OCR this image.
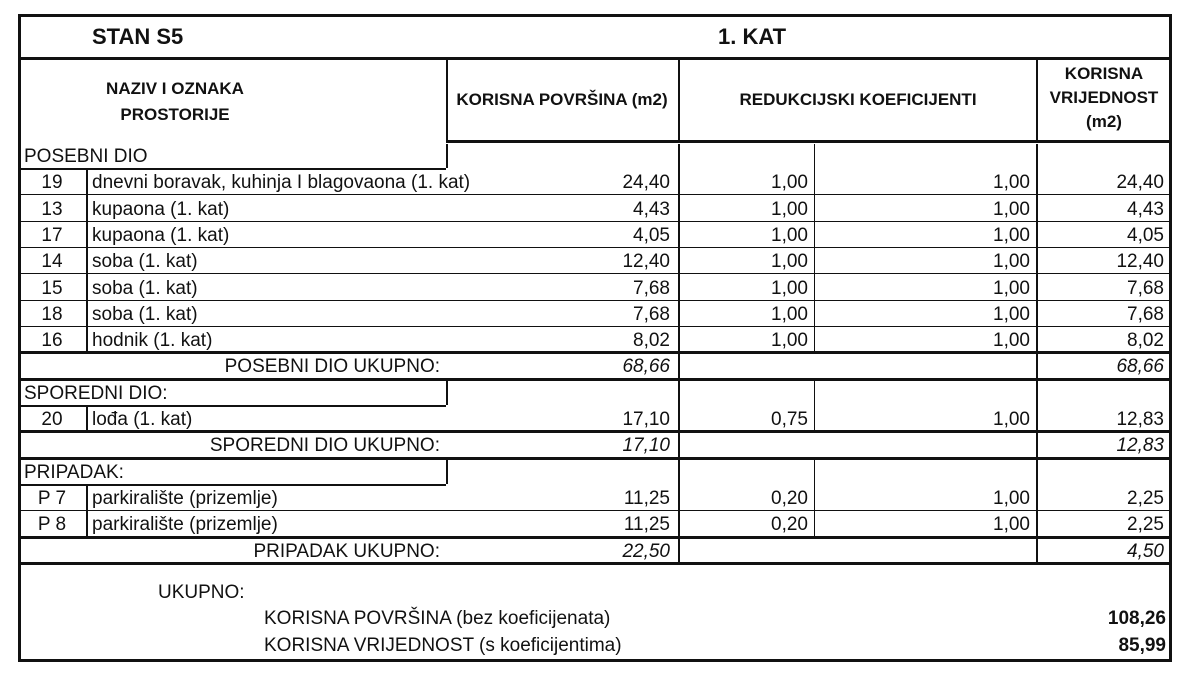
STAN S5	1. KAT
NAZIV I OZNAKA
PROSTORIJE
KORISNA POVRŠINA (m2)	REDUKCIJSKI KOEFICIJENTI
KORISNA
VRIJEDNOST
(m2)
POSEBNI DIO
19	dnevni boravak, kuhinja I blagovaona (1. kat)	24,40	1,00	1,00	24,40
13	kupaona (1. kat)	4,43	1,00	1,00	4,43
17	kupaona (1. kat)	4,05	1,00	1,00	4,05
14	soba (1. kat)	12,40	1,00	1,00	12,40
15	soba (1. kat)	7,68	1,00	1,00	7,68
18	soba (1. kat)	7,68	1,00	1,00	7,68
16	hodnik (1. kat)	8,02	1,00	1,00	8,02
POSEBNI DIO UKUPNO:	68,66	68,66
SPOREDNI DIO:
20	lođa (1. kat)	17,10	0,75	1,00	12,83
SPOREDNI DIO UKUPNO:	17,10	12,83
PRIPADAK:
P 7	parkiralište (prizemlje)	11,25	0,20	1,00	2,25
P 8	parkiralište (prizemlje)	11,25	0,20	1,00	2,25
PRIPADAK UKUPNO:	22,50	4,50
UKUPNO:
KORISNA POVRŠINA (bez koeficijenata)	108,26
KORISNA VRIJEDNOST (s koeficijentima)	85,99
